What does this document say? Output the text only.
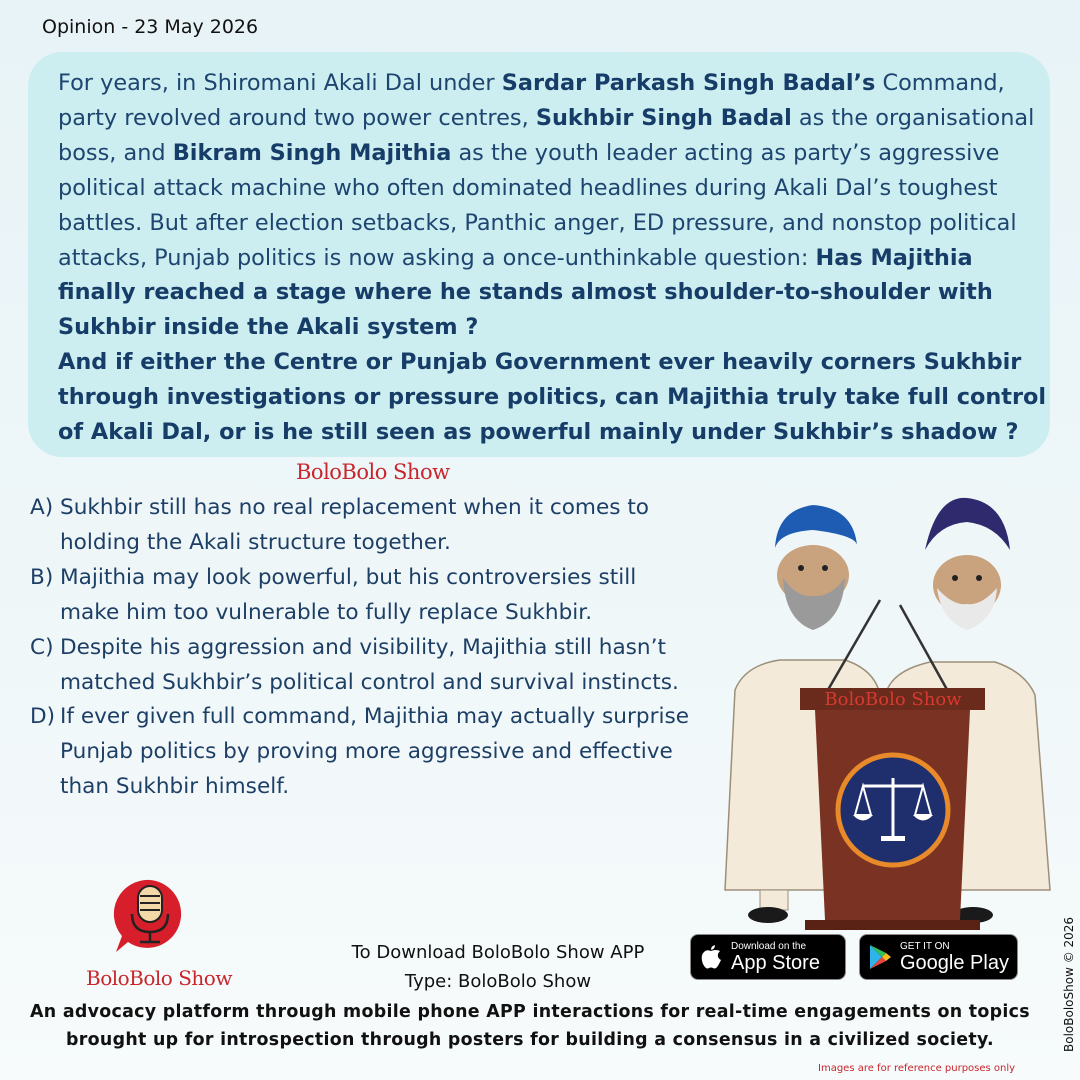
Opinion - 23 May 2026
For years, in Shiromani Akali Dal under Sardar Parkash Singh Badal’s Command, party revolved around two power centres, Sukhbir Singh Badal as the organisational boss, and Bikram Singh Majithia as the youth leader acting as party’s aggressive political attack machine who often dominated headlines during Akali Dal’s toughest battles. But after election setbacks, Panthic anger, ED pressure, and nonstop political attacks, Punjab politics is now asking a once-unthinkable question: Has Majithia finally reached a stage where he stands almost shoulder-to-shoulder with Sukhbir inside the Akali system ?
And if either the Centre or Punjab Government ever heavily corners Sukhbir through investigations or pressure politics, can Majithia truly take full control of Akali Dal, or is he still seen as powerful mainly under Sukhbir’s shadow ?
BoloBolo Show
A) Sukhbir still has no real replacement when it comes to holding the Akali structure together.
B) Majithia may look powerful, but his controversies still make him too vulnerable to fully replace Sukhbir.
C) Despite his aggression and visibility, Majithia still hasn’t matched Sukhbir’s political control and survival instincts.
D) If ever given full command, Majithia may actually surprise Punjab politics by proving more aggressive and effective than Sukhbir himself.
BoloBolo Show
BoloBolo Show
To Download BoloBolo Show APP
Type: BoloBolo Show
Download on the
App Store
GET IT ON
Google Play
An advocacy platform through mobile phone APP interactions for real-time engagements on topics brought up for introspection through posters for building a consensus in a civilized society.	BoloBoloShow © 2026
Images are for reference purposes only
